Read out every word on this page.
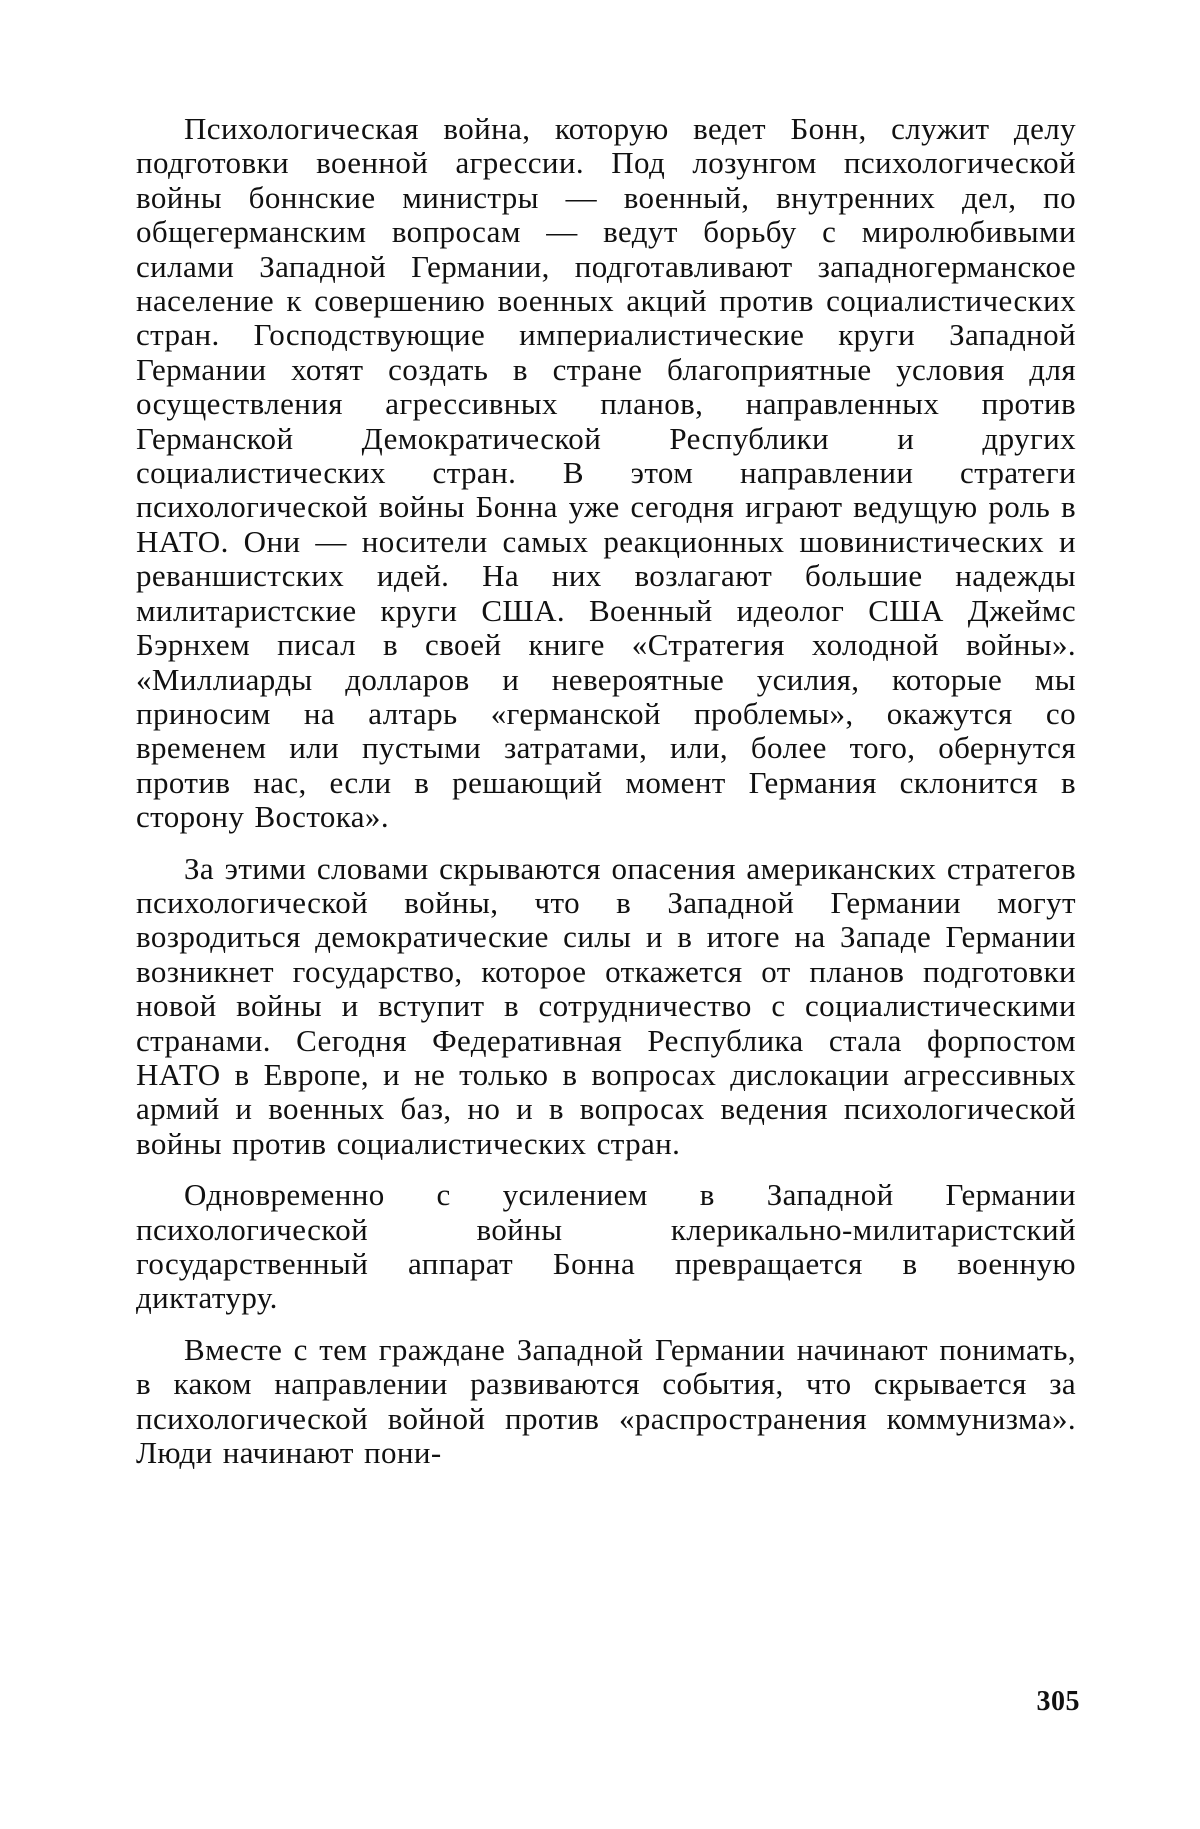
Психологическая война, которую ведет Бонн, служит делу подготовки военной агрессии. Под лозунгом психологической войны боннские министры — военный, внутренних дел, по общегерманским вопросам — ведут борьбу с миролюбивыми силами Западной Германии, подготавливают западногерманское население к совершению военных акций против социалистических стран. Господствующие империалистические круги Западной Германии хотят создать в стране благоприятные условия для осуществления агрессивных планов, направленных против Германской Демократической Республики и других социалистических стран. В этом направлении стратеги психологической войны Бонна уже сегодня играют ведущую роль в НАТО. Они — носители самых реакционных шовинистических и реваншистских идей. На них возлагают большие надежды милитаристские круги США. Военный идеолог США Джеймс Бэрнхем писал в своей книге «Стратегия холодной войны». «Миллиарды долларов и невероятные усилия, которые мы приносим на алтарь «германской проблемы», окажутся со временем или пустыми затратами, или, более того, обернутся против нас, если в решающий момент Германия склонится в сторону Востока».

За этими словами скрываются опасения американских стратегов психологической войны, что в Западной Германии могут возродиться демократические силы и в итоге на Западе Германии возникнет государство, которое откажется от планов подготовки новой войны и вступит в сотрудничество с социалистическими странами. Сегодня Федеративная Республика стала форпостом НАТО в Европе, и не только в вопросах дислокации агрессивных армий и военных баз, но и в вопросах ведения психологической войны против социалистических стран.

Одновременно с усилением в Западной Германии психологической войны клерикально-милитаристский государственный аппарат Бонна превращается в военную диктатуру.

Вместе с тем граждане Западной Германии начинают понимать, в каком направлении развиваются события, что скрывается за психологической войной против «распространения коммунизма». Люди начинают пони-

305
